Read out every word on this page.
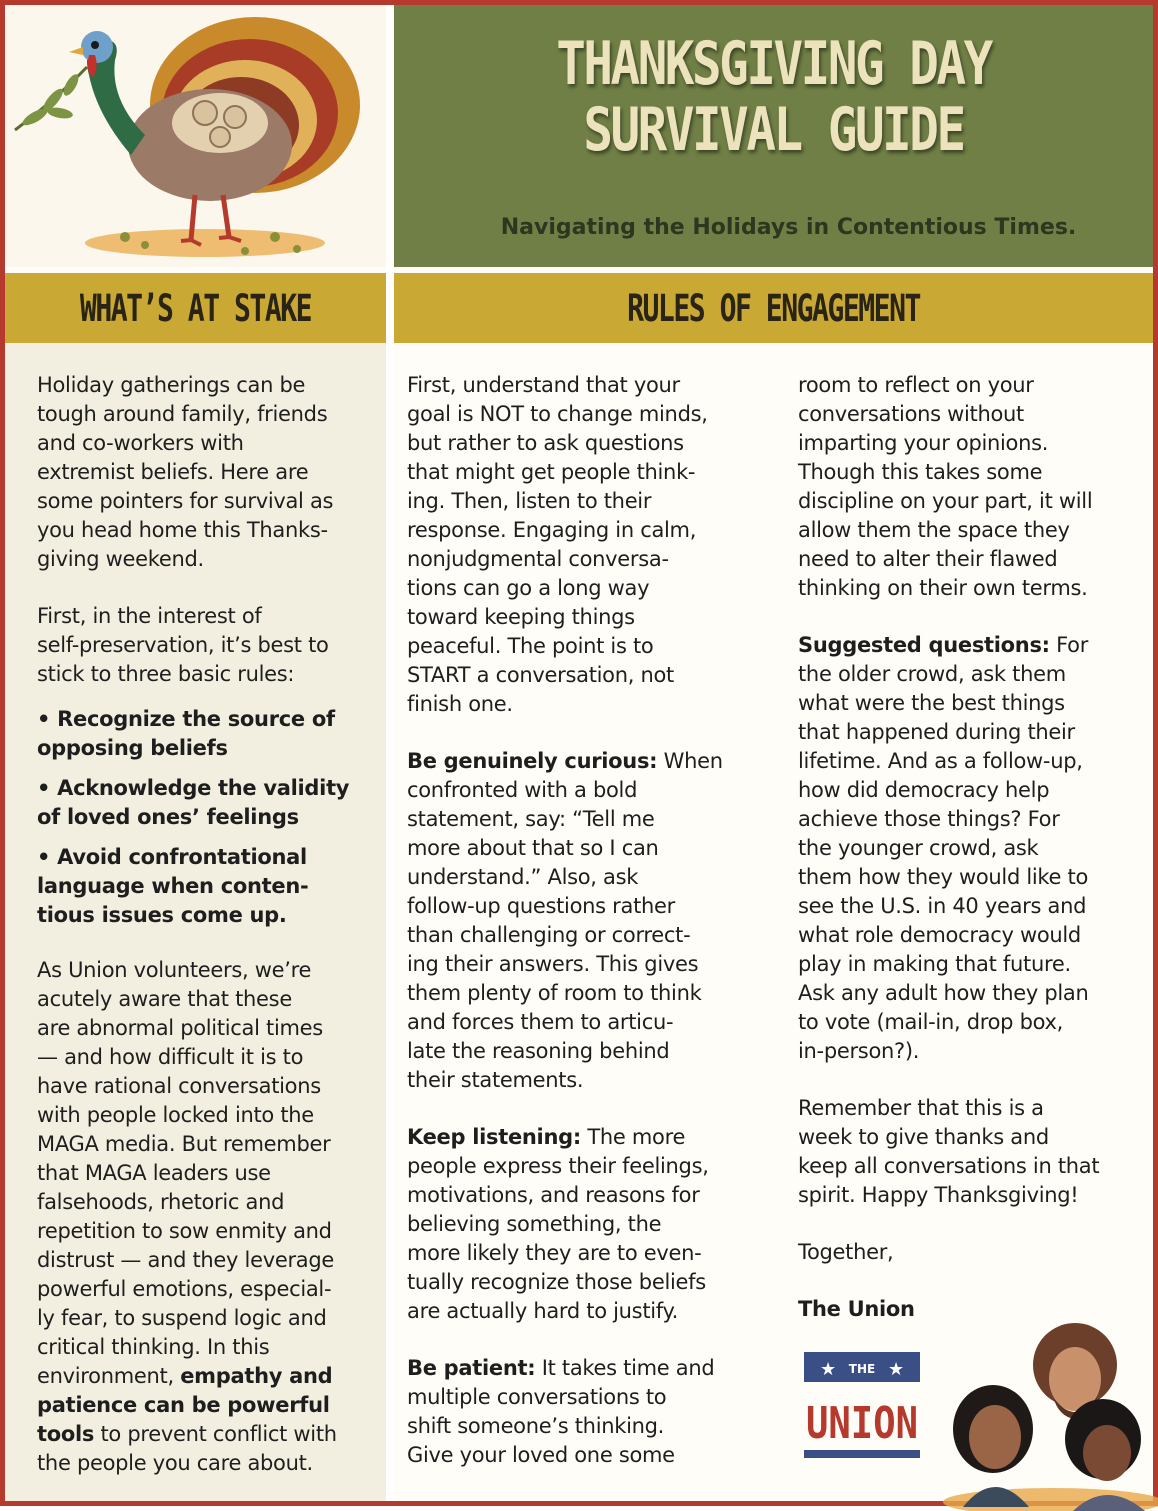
THANKSGIVING DAY
SURVIVAL GUIDE
Navigating the Holidays in Contentious Times.
WHAT’S AT STAKE	RULES OF ENGAGEMENT

Holiday gatherings can be
tough around family, friends
and co-workers with
extremist beliefs. Here are
some pointers for survival as
you head home this Thanks-
giving weekend.

First, in the interest of
self-preservation, it’s best to
stick to three basic rules:

• Recognize the source of
opposing beliefs
• Acknowledge the validity
of loved ones’ feelings
• Avoid confrontational
language when conten-
tious issues come up.

As Union volunteers, we’re
acutely aware that these
are abnormal political times
— and how difficult it is to
have rational conversations
with people locked into the
MAGA media. But remember
that MAGA leaders use
falsehoods, rhetoric and
repetition to sow enmity and
distrust — and they leverage
powerful emotions, especial-
ly fear, to suspend logic and
critical thinking. In this
environment, empathy and
patience can be powerful
tools to prevent conflict with
the people you care about.

First, understand that your
goal is NOT to change minds,
but rather to ask questions
that might get people think-
ing. Then, listen to their
response. Engaging in calm,
nonjudgmental conversa-
tions can go a long way
toward keeping things
peaceful. The point is to
START a conversation, not
finish one.

Be genuinely curious: When
confronted with a bold
statement, say: “Tell me
more about that so I can
understand.” Also, ask
follow-up questions rather
than challenging or correct-
ing their answers. This gives
them plenty of room to think
and forces them to articu-
late the reasoning behind
their statements.

Keep listening: The more
people express their feelings,
motivations, and reasons for
believing something, the
more likely they are to even-
tually recognize those beliefs
are actually hard to justify.

Be patient: It takes time and
multiple conversations to
shift someone’s thinking.
Give your loved one some

room to reflect on your
conversations without
imparting your opinions.
Though this takes some
discipline on your part, it will
allow them the space they
need to alter their flawed
thinking on their own terms.

Suggested questions: For
the older crowd, ask them
what were the best things
that happened during their
lifetime. And as a follow-up,
how did democracy help
achieve those things? For
the younger crowd, ask
them how they would like to
see the U.S. in 40 years and
what role democracy would
play in making that future.
Ask any adult how they plan
to vote (mail-in, drop box,
in-person?).

Remember that this is a
week to give thanks and
keep all conversations in that
spirit. Happy Thanksgiving!

Together,

The Union

★	★
THE
UNION
